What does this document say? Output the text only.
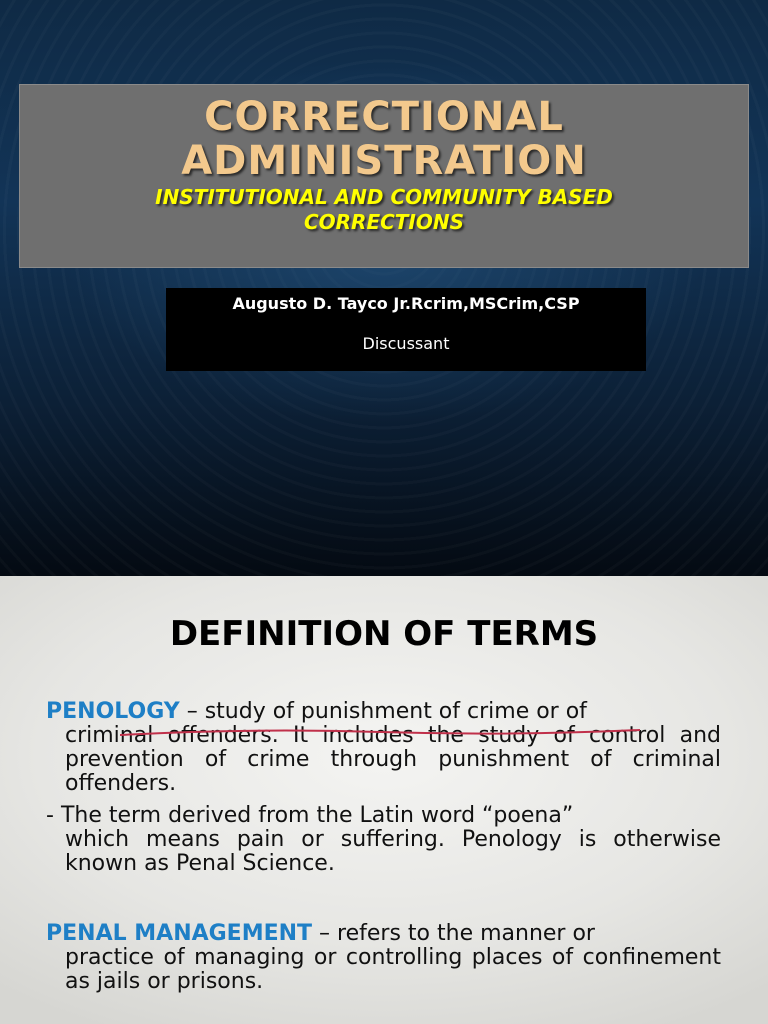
CORRECTIONAL
ADMINISTRATION
INSTITUTIONAL AND COMMUNITY BASED
CORRECTIONS
Augusto D. Tayco Jr.Rcrim,MSCrim,CSP
Discussant
DEFINITION OF TERMS
PENOLOGY – study of punishment of crime or of
criminal offenders. It includes the study of control and prevention of crime through punishment of criminal offenders.
- The term derived from the Latin word “poena”
which means pain or suffering. Penology is otherwise known as Penal Science.
PENAL MANAGEMENT – refers to the manner or
practice of managing or controlling places of confinement as jails or prisons.
